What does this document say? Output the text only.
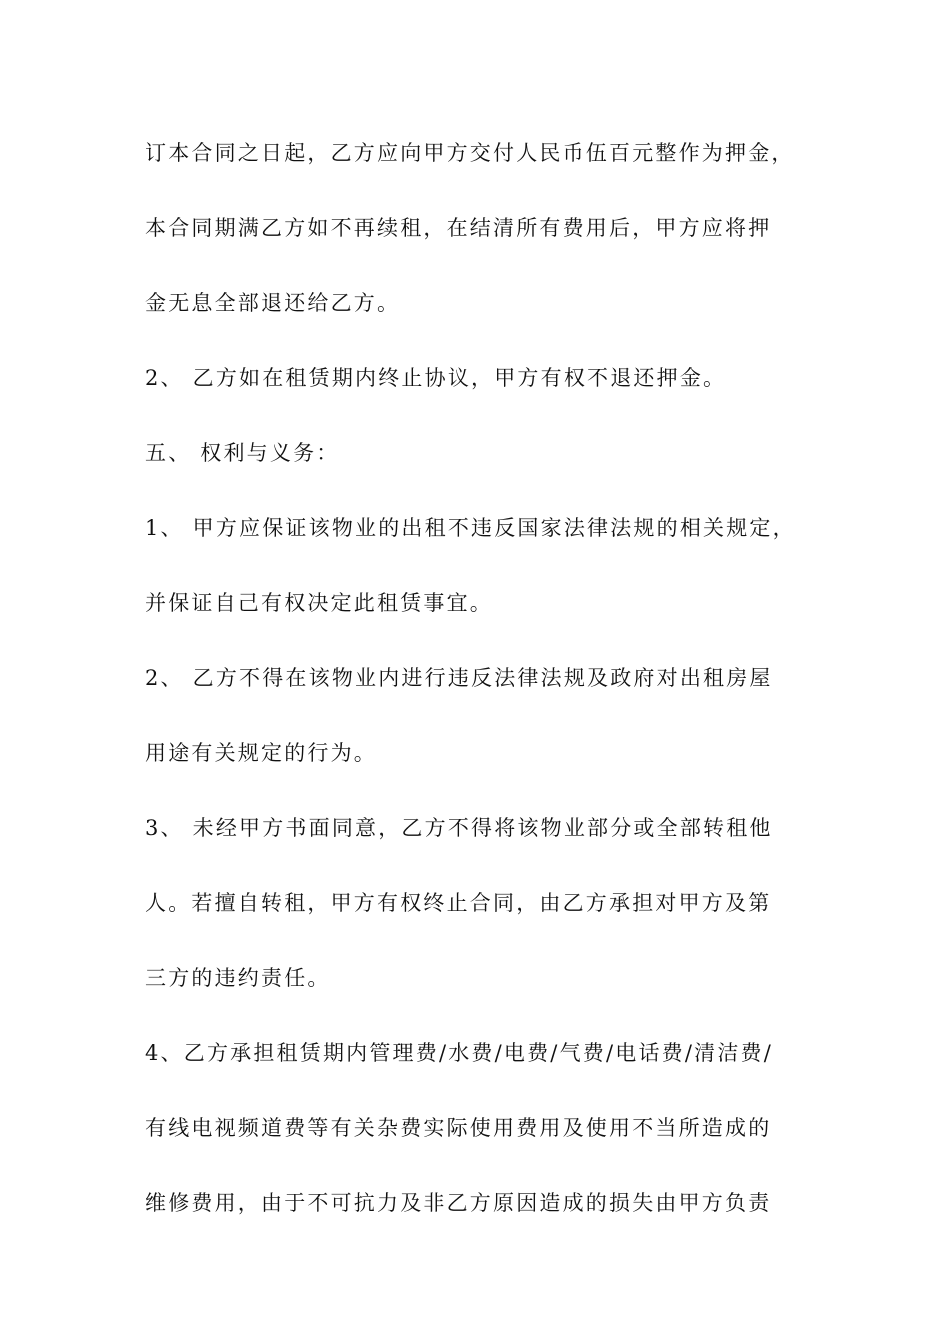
订本合同之日起，乙方应向甲方交付人民币伍百元整作为押金，
本合同期满乙方如不再续租，在结清所有费用后，甲方应将押
金无息全部退还给乙方。
2、 乙方如在租赁期内终止协议，甲方有权不退还押金。
五、 权利与义务：
1、 甲方应保证该物业的出租不违反国家法律法规的相关规定，
并保证自己有权决定此租赁事宜。
2、 乙方不得在该物业内进行违反法律法规及政府对出租房屋
用途有关规定的行为。
3、 未经甲方书面同意，乙方不得将该物业部分或全部转租他
人。若擅自转租，甲方有权终止合同，由乙方承担对甲方及第
三方的违约责任。
4、乙方承担租赁期内管理费/水费/电费/气费/电话费/清洁费/
有线电视频道费等有关杂费实际使用费用及使用不当所造成的
维修费用，由于不可抗力及非乙方原因造成的损失由甲方负责
